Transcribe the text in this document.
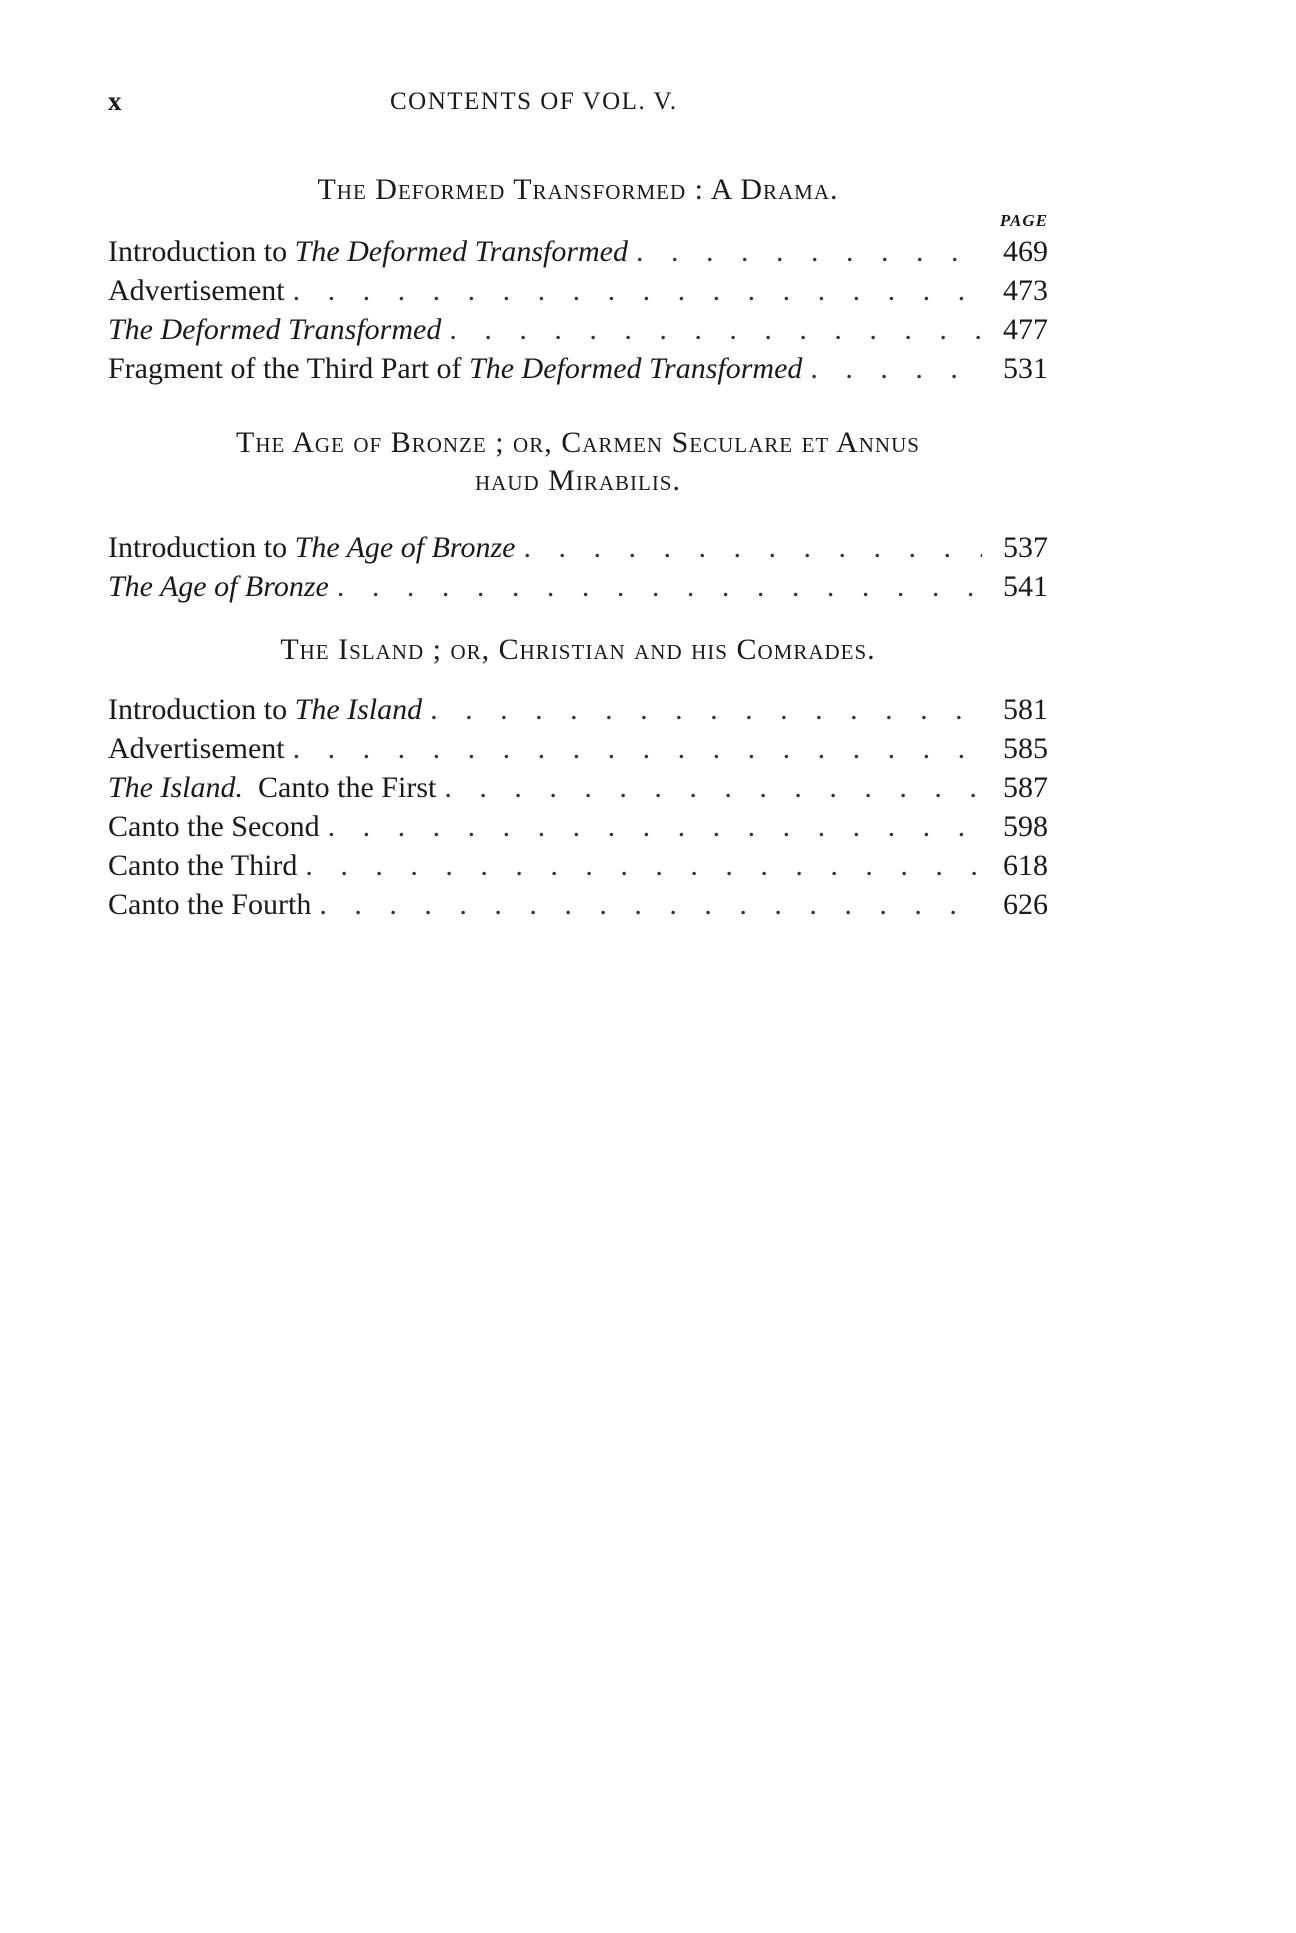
x	CONTENTS OF VOL. V.
The Deformed Transformed : A Drama.
PAGE
Introduction to The Deformed Transformed . . .	469
Advertisement . . .	473
The Deformed Transformed . . .	477
Fragment of the Third Part of The Deformed Transformed . . .	531
The Age of Bronze ; or, Carmen Seculare et Annus
haud Mirabilis.
Introduction to The Age of Bronze . . .	537
The Age of Bronze . . .	541
The Island ; or, Christian and his Comrades.
Introduction to The Island . . .	581
Advertisement . . .	585
The Island.  Canto the First . . .	587
Canto the Second . . .	598
Canto the Third . . .	618
Canto the Fourth . . .	626
